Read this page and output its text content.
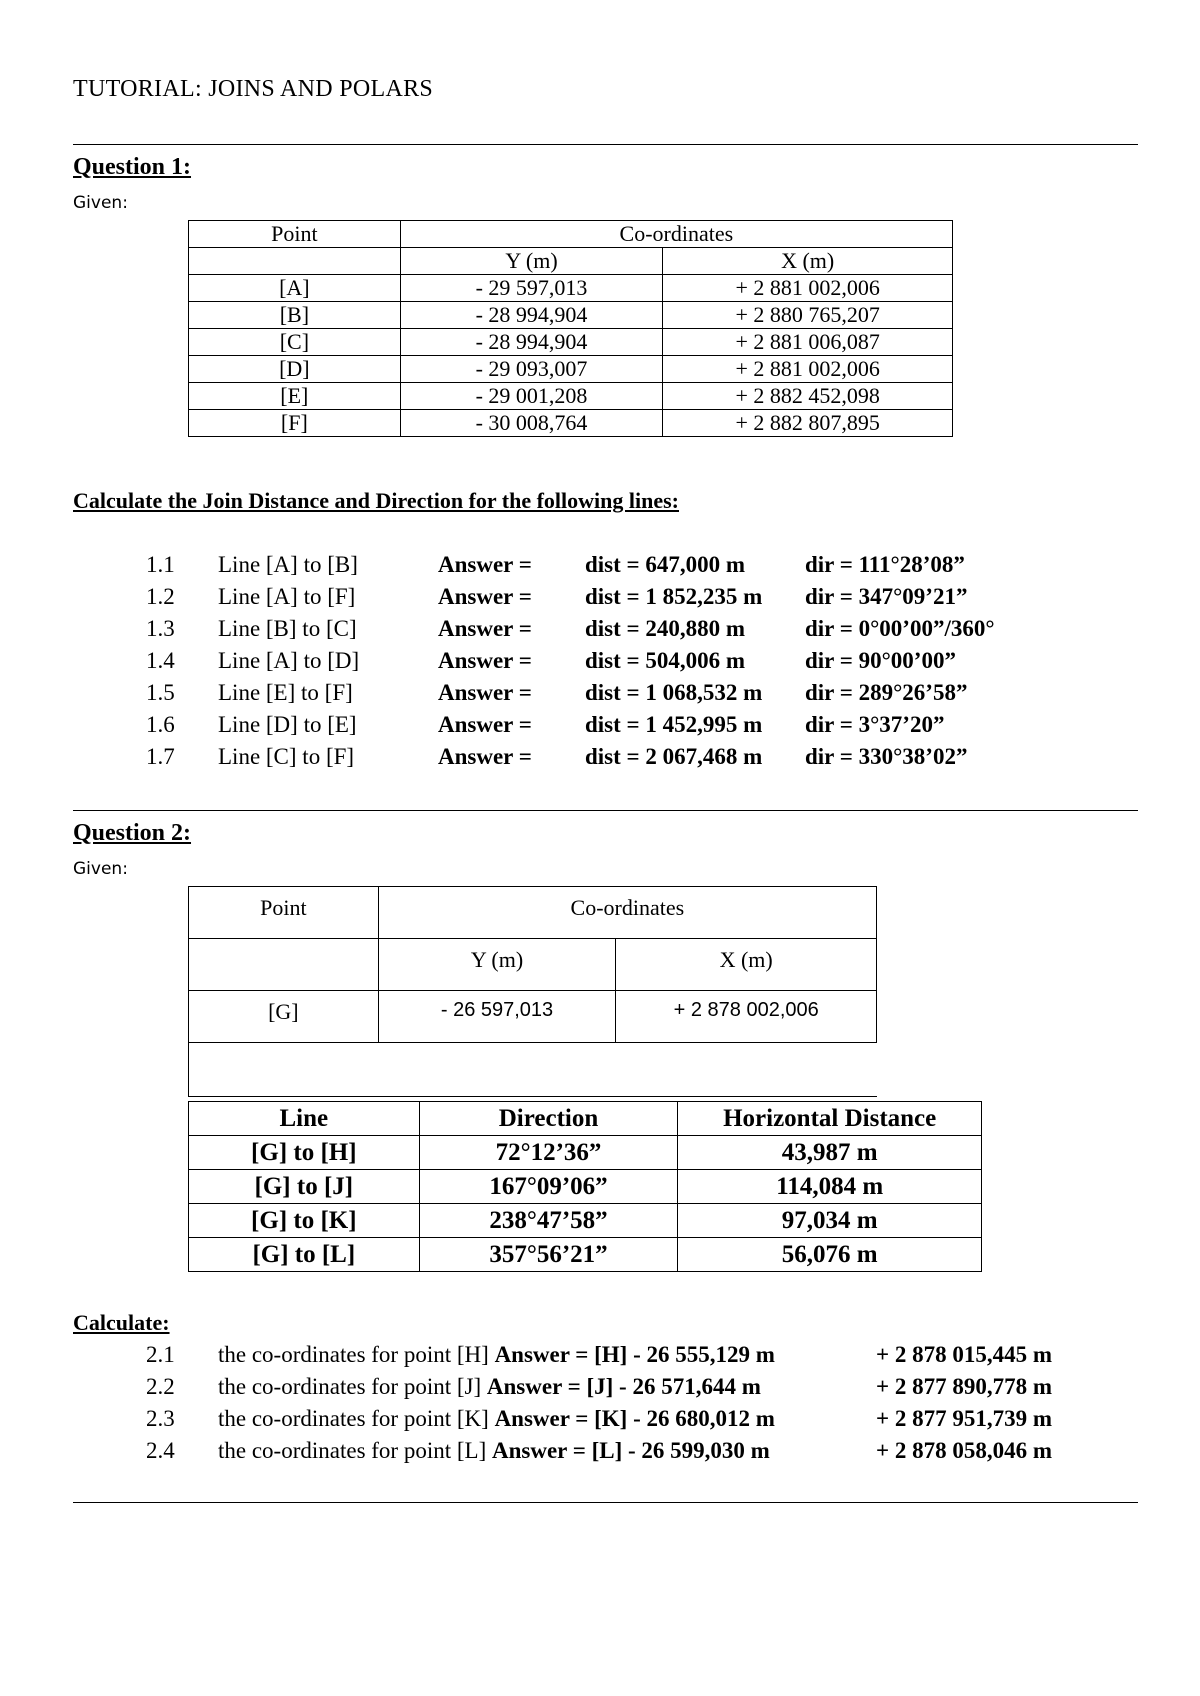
TUTORIAL: JOINS AND POLARS
Question 1:
Given:
Point	Co-ordinates	
	Y (m)	X (m)
[A]	- 29 597,013	+ 2 881 002,006
[B]	- 28 994,904	+ 2 880 765,207
[C]	- 28 994,904	+ 2 881 006,087
[D]	- 29 093,007	+ 2 881 002,006
[E]	- 29 001,208	+ 2 882 452,098
[F]	- 30 008,764	+ 2 882 807,895
Calculate the Join Distance and Direction for the following lines:
1.1 Line [A] to [B]	Answer = dist = 647,000 m	dir = 111°28’08”
1.2 Line [A] to [F]	Answer = dist = 1 852,235 m dir = 347°09’21”
1.3 Line [B] to [C]	Answer = dist = 240,880 m	dir = 0°00’00”/360°
1.4 Line [A] to [D]	Answer = dist = 504,006 m	dir = 90°00’00”
1.5 Line [E] to [F]	Answer = dist = 1 068,532 m dir = 289°26’58”
1.6 Line [D] to [E]	Answer = dist = 1 452,995 m dir = 3°37’20”
1.7 Line [C] to [F]	Answer = dist = 2 067,468 m dir = 330°38’02”
Question 2:
Given:
Point	Co-ordinates	
	Y (m)	X (m)
[G]	- 26 597,013	+ 2 878 002,006

Line	Direction	Horizontal Distance
[G] to [H]	72°12’36”	43,987 m
[G] to [J]	167°09’06”	114,084 m
[G] to [K]	238°47’58”	97,034 m
[G] to [L]	357°56’21”	56,076 m
Calculate:
2.1 the co-ordinates for point [H] Answer = [H] - 26 555,129 m	+ 2 878 015,445 m
2.2 the co-ordinates for point [J] Answer = [J] - 26 571,644 m	+ 2 877 890,778 m
2.3 the co-ordinates for point [K] Answer = [K] - 26 680,012 m	+ 2 877 951,739 m
2.4 the co-ordinates for point [L] Answer = [L] - 26 599,030 m	+ 2 878 058,046 m
